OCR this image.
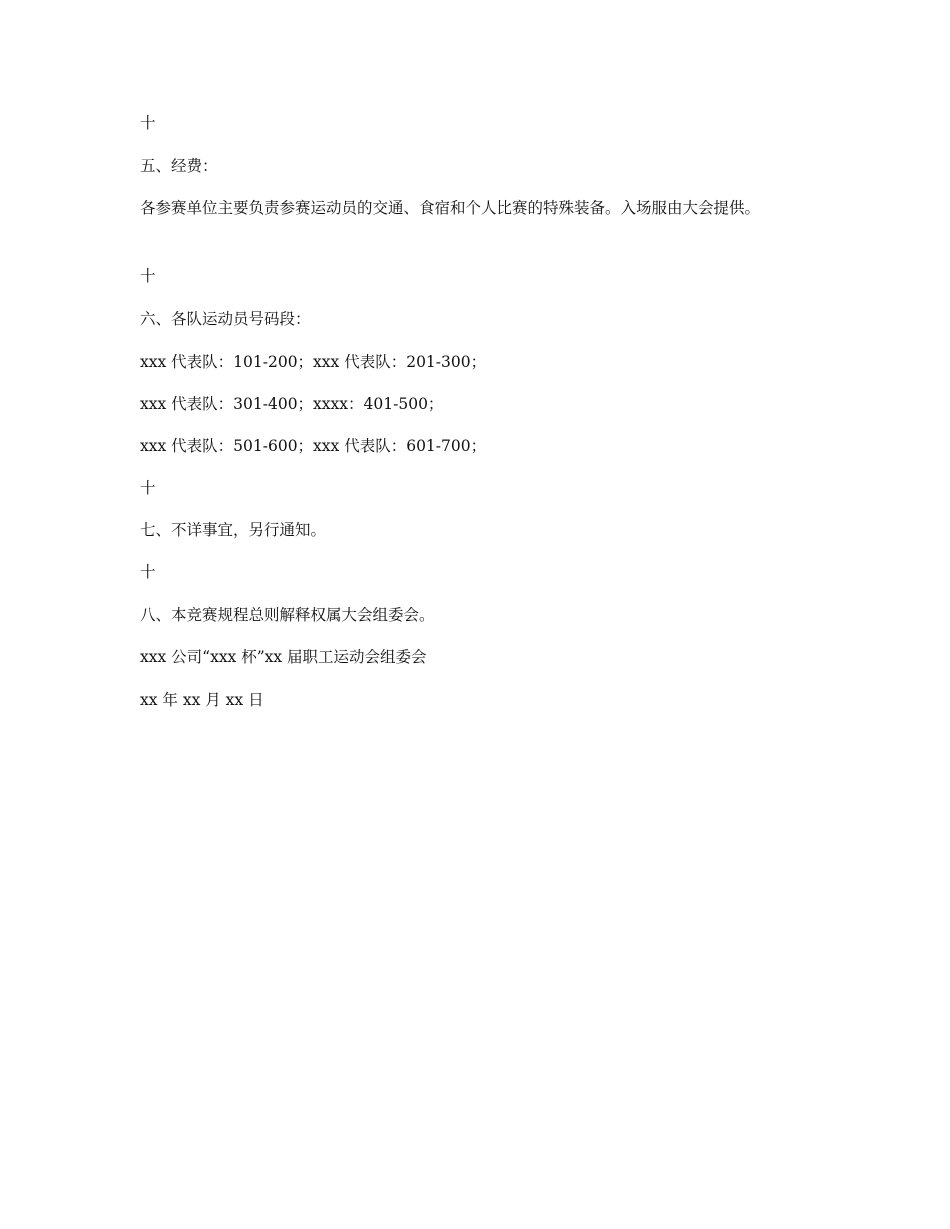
十

五、经费：

各参赛单位主要负责参赛运动员的交通、食宿和个人比赛的特殊装备。入场服由大会提供。

十

六、各队运动员号码段：

xxx 代表队：101-200；xxx 代表队：201-300；

xxx 代表队：301-400；xxxx：401-500；

xxx 代表队：501-600；xxx 代表队：601-700；

十

七、不详事宜，另行通知。

十

八、本竞赛规程总则解释权属大会组委会。

xxx 公司“xxx 杯”xx 届职工运动会组委会

xx 年 xx 月 xx 日
